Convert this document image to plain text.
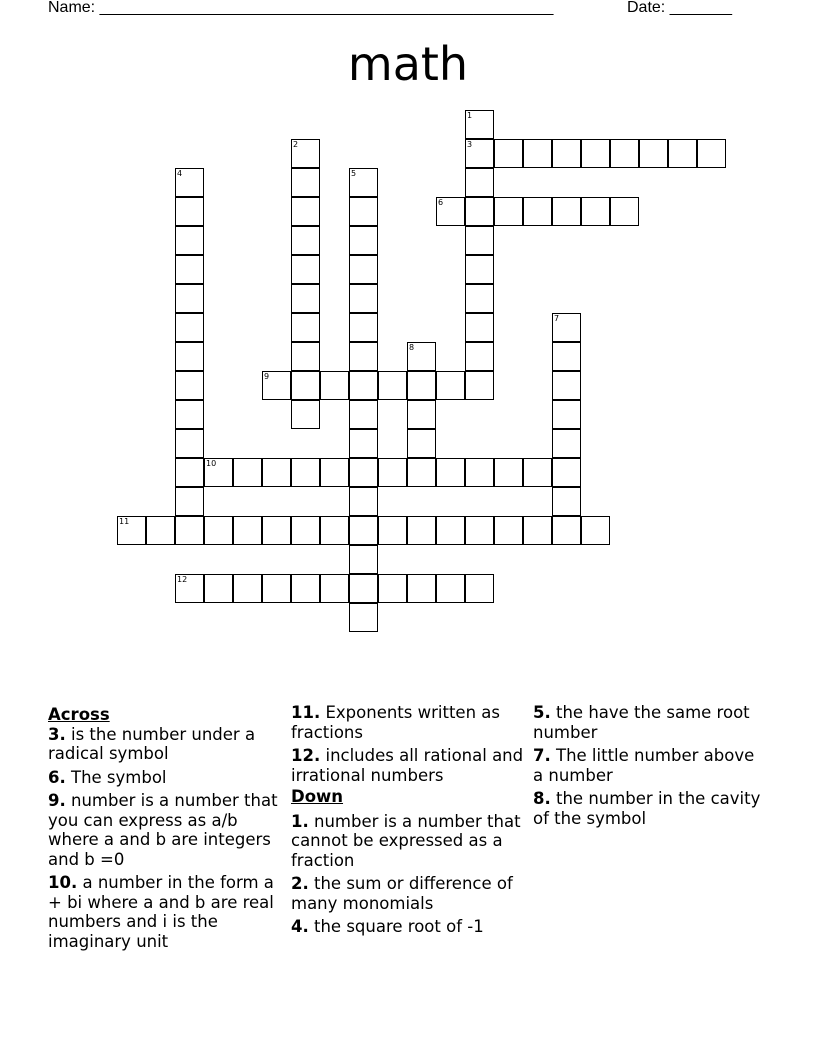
Name: ___________________________________________________	Date: _______
math
1
3
2
4	5
6
7
8
9
10
11
12
Across
3. is the number under a radical symbol
6. The symbol
9. number is a number that you can express as a/b where a and b are integers and b =0
10. a number in the form a + bi where a and b are real numbers and i is the imaginary unit
11. Exponents written as fractions
12. includes all rational and irrational numbers
Down
1. number is a number that cannot be expressed as a fraction
2. the sum or difference of many monomials
4. the square root of -1
5. the have the same root number
7. The little number above a number
8. the number in the cavity of the symbol
